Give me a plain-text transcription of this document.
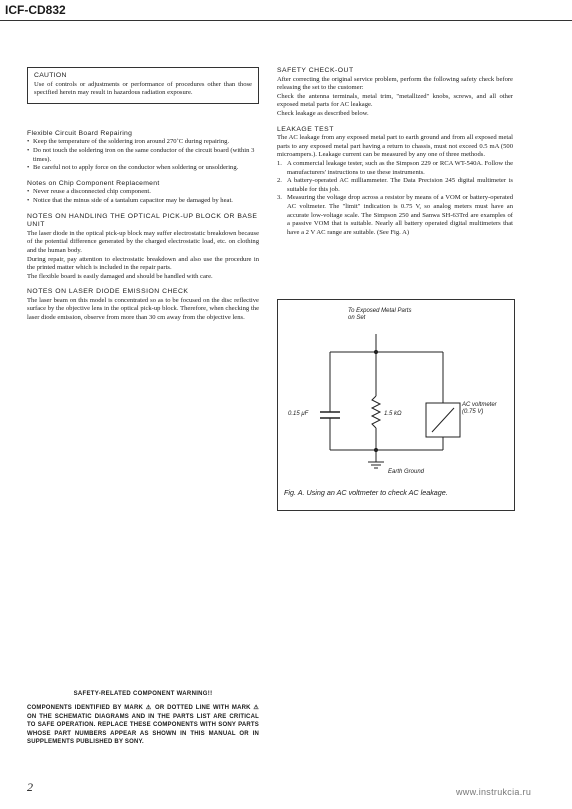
ICF-CD832
CAUTION

Use of controls or adjustments or performance of procedures other than those specified herein may result in hazardous radiation exposure.

Flexible Circuit Board Repairing
• Keep the temperature of the soldering iron around 270˚C during repairing.
• Do not touch the soldering iron on the same conductor of the circuit board (within 3 times).
• Be careful not to apply force on the conductor when soldering or unsoldering.
Notes on Chip Component Replacement
• Never reuse a disconnected chip component.
• Notice that the minus side of a tantalum capacitor may be damaged by heat.
NOTES ON HANDLING THE OPTICAL PICK-UP BLOCK OR BASE UNIT

The laser diode in the optical pick-up block may suffer electrostatic breakdown because of the potential difference generated by the charged electrostatic load, etc. on clothing and the human body.

During repair, pay attention to electrostatic breakdown and also use the procedure in the printed matter which is included in the repair parts.

The flexible board is easily damaged and should be handled with care.

NOTES ON LASER DIODE EMISSION CHECK

The laser beam on this model is concentrated so as to be focused on the disc reflective surface by the objective lens in the optical pick-up block. Therefore, when checking the laser diode emission, observe from more than 30 cm away from the objective lens.

SAFETY CHECK-OUT

After correcting the original service problem, perform the following safety check before releasing the set to the customer:

Check the antenna terminals, metal trim, "metallized" knobs, screws, and all other exposed metal parts for AC leakage.

Check leakage as described below.

LEAKAGE TEST

The AC leakage from any exposed metal part to earth ground and from all exposed metal parts to any exposed metal part having a return to chassis, must not exceed 0.5 mA (500 microampers.). Leakage current can be measured by any one of three methods.

1. A commercial leakage tester, such as the Simpson 229 or RCA WT-540A. Follow the manufacturers' instructions to use these instruments.
2. A battery-operated AC milliammeter. The Data Precision 245 digital multimeter is suitable for this job.
3. Measuring the voltage drop across a resistor by means of a VOM or battery-operated AC voltmeter. The "limit" indication is 0.75 V, so analog meters must have an accurate low-voltage scale. The Simpson 250 and Sanwa SH-63Trd are examples of a passive VOM that is suitable. Nearly all battery operated digital multimeters that have a 2 V AC range are suitable. (See Fig. A)
To Exposed Metal Parts on Set
0.15 μF	1.5 kΩ
AC voltmeter (0.75 V)
Earth Ground
Fig. A. Using an AC voltmeter to check AC leakage.
SAFETY-RELATED COMPONENT WARNING!!
COMPONENTS IDENTIFIED BY MARK ⚠ OR DOTTED LINE WITH MARK ⚠ ON THE SCHEMATIC DIAGRAMS AND IN THE PARTS LIST ARE CRITICAL TO SAFE OPERATION. REPLACE THESE COMPONENTS WITH SONY PARTS WHOSE PART NUMBERS APPEAR AS SHOWN IN THIS MANUAL OR IN SUPPLEMENTS PUBLISHED BY SONY.
2	www.instrukcia.ru
